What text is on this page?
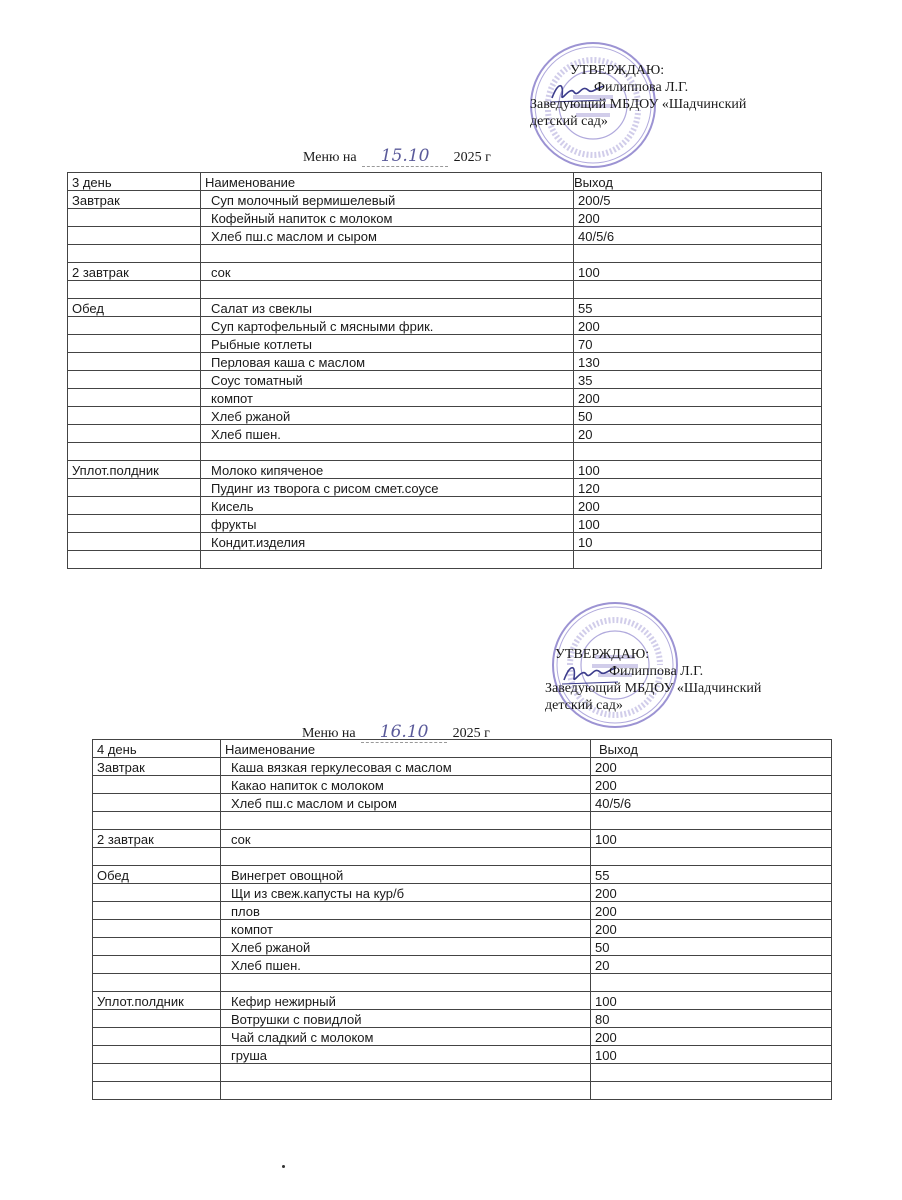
УТВЕРЖДАЮ:
Филиппова Л.Г.
Заведующий МБДОУ «Шадчинский
детский сад»
Меню на 15.10 2025 г
3 день	Наименование	Выход
Завтрак	Суп молочный вермишелевый	200/5
	Кофейный напиток с молоком	200
	Хлеб пш.с маслом и сыром	40/5/6

2 завтрак	сок	100

Обед	Салат из свеклы	55
	Суп картофельный с мясными фрик.	200
	Рыбные котлеты	70
	Перловая каша с маслом	130
	Соус томатный	35
	компот	200
	Хлеб ржаной	50
	Хлеб пшен.	20

Уплот.полдник	Молоко кипяченое	100
	Пудинг из творога с рисом смет.соусе	120
	Кисель	200
	фрукты	100
	Кондит.изделия	10

УТВЕРЖДАЮ:
Филиппова Л.Г.
Заведующий МБДОУ «Шадчинский
детский сад»
Меню на 16.10 2025 г
4 день	Наименование	Выход
Завтрак	Каша вязкая геркулесовая с маслом	200
	Какао напиток с молоком	200
	Хлеб пш.с маслом и сыром	40/5/6

2 завтрак	сок	100

Обед	Винегрет овощной	55
	Щи из свеж.капусты на кур/б	200
	плов	200
	компот	200
	Хлеб ржаной	50
	Хлеб пшен.	20

Уплот.полдник	Кефир нежирный	100
	Вотрушки с повидлой	80
	Чай сладкий с молоком	200
	груша	100
